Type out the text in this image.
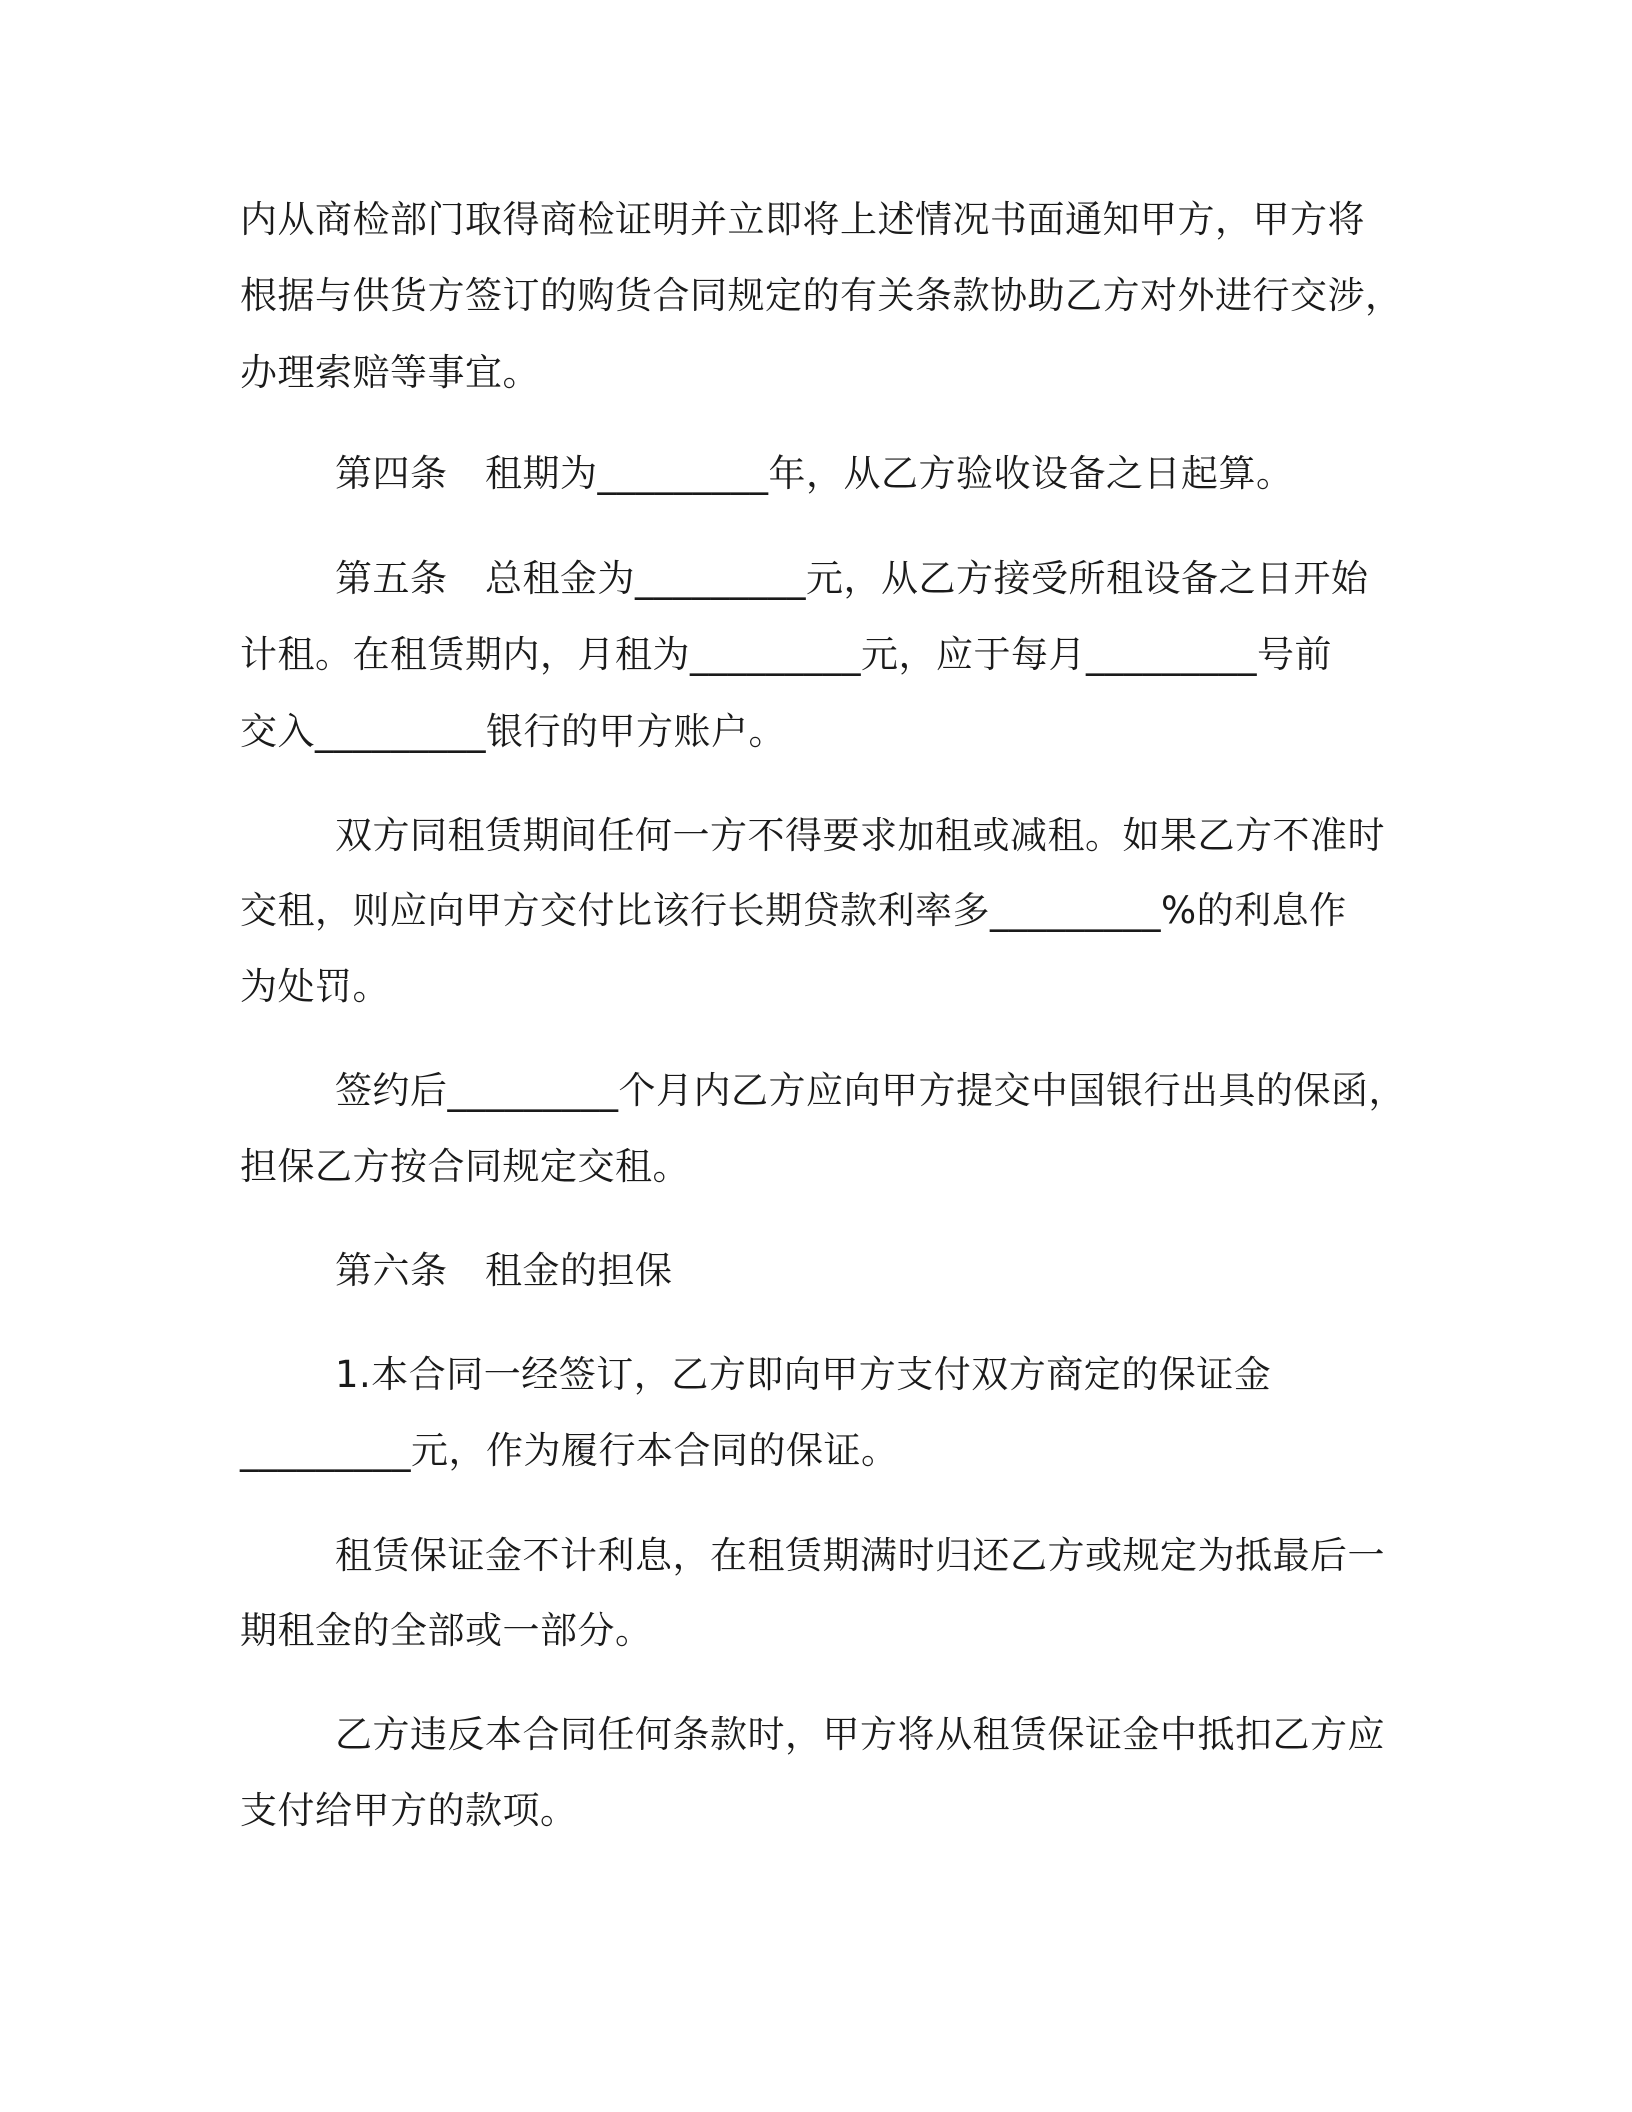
内从商检部门取得商检证明并立即将上述情况书面通知甲方，甲方将
根据与供货方签订的购货合同规定的有关条款协助乙方对外进行交涉，
办理索赔等事宜。
第四条　租期为_________年，从乙方验收设备之日起算。
第五条　总租金为_________元，从乙方接受所租设备之日开始
计租。在租赁期内，月租为_________元，应于每月_________号前
交入_________银行的甲方账户。
双方同租赁期间任何一方不得要求加租或减租。如果乙方不准时
交租，则应向甲方交付比该行长期贷款利率多_________%的利息作
为处罚。
签约后_________个月内乙方应向甲方提交中国银行出具的保函，
担保乙方按合同规定交租。
第六条　租金的担保
1.本合同一经签订，乙方即向甲方支付双方商定的保证金
_________元，作为履行本合同的保证。
租赁保证金不计利息，在租赁期满时归还乙方或规定为抵最后一
期租金的全部或一部分。
乙方违反本合同任何条款时，甲方将从租赁保证金中抵扣乙方应
支付给甲方的款项。
